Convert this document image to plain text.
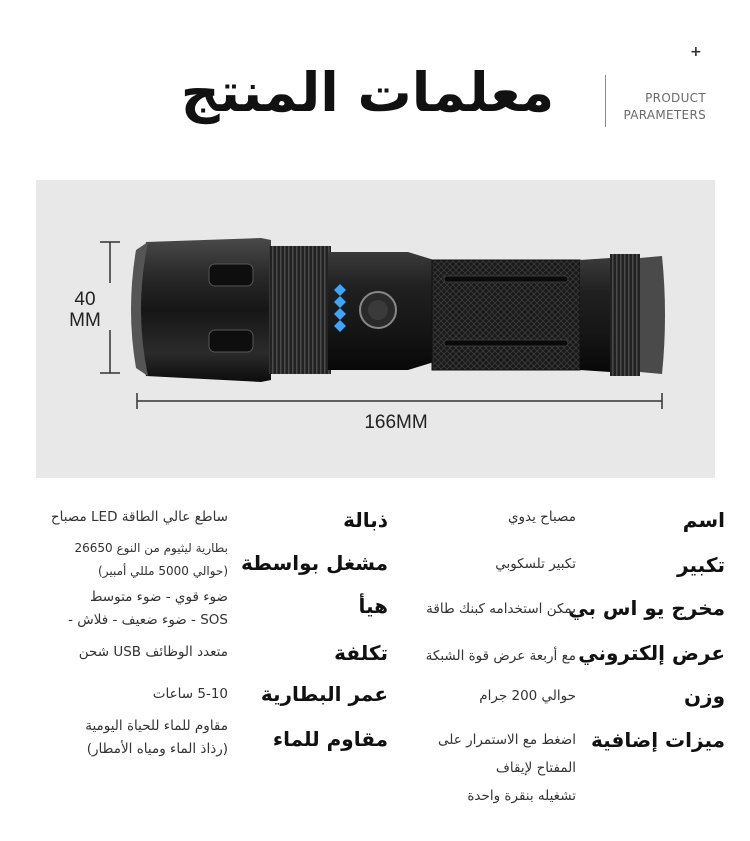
معلمات المنتج
+
PRODUCT
PARAMETERS
40
MM
166MM
اسم
مصباح يدوي
تكبير
تكبير تلسكوبي
مخرج يو اس بي
يمكن استخدامه كبنك طاقة
عرض إلكتروني
مع أربعة عرض قوة الشبكة
وزن
حوالي 200 جرام
ميزات إضافية
اضغط مع الاستمرار على
المفتاح لإيقاف
تشغيله بنقرة واحدة
ذبالة
ساطع عالي الطاقة LED مصباح
مشغل بواسطة
بطارية ليثيوم من النوع 26650
(حوالي 5000 مللي أمبير)
هيأ
ضوء قوي - ضوء متوسط
SOS - ضوء ضعيف - فلاش -
تكلفة
متعدد الوظائف USB شحن
عمر البطارية
5-10 ساعات
مقاوم للماء
مقاوم للماء للحياة اليومية
(رذاذ الماء ومياه الأمطار)
